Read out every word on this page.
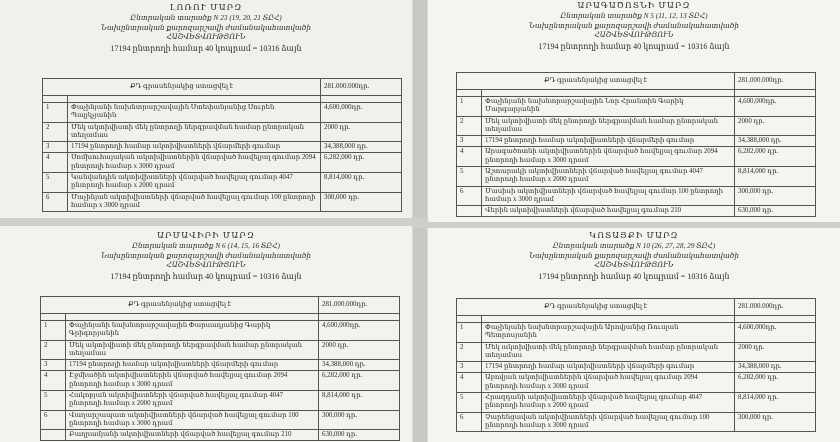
ԼՈՌՈՒ ՄԱՐԶ
Ընտրական տարածք N 23 (19, 20, 21 ՏԸՀ)
Նախընտրական քարոզարշավի ժամանակահատվածի
ՀԱՇՎԵՏՎՈՒԹՅՈՒՆ
17194 ընտրողի համար 40 կոպրամ = 10316 ձայն
ՔԴ գրասենյակից ստացվել է		281.000.000դր.

1	Փաչինյանի նախնտրարշավային Ստեփանյանից Սուրեն Պալյկչյանին	4,600,000դր.
2	Մեկ ակտիվիստի մեկ ընտրողի ներգրավման համար ընտրական տեղամաս	2000 դր.
3	17194 ընտրողի համար ակտիվիստների վճարմերի գումար	34,388,000 դր.
4	Սոմխուհայական ակտիվիստներին վճարված հավելյալ գումար 2094 ընտրողի համար x 3000 դրամ	6,282,000 դր.
5	Կանվանդին ակտիվիստների վճարված հավելյալ գումար 4047 ընտրողի համար x 2000 դրամ	8,814,000 դր.
6	Մաչինյան ակտիվիստների վճարված հավելյալ գումար 100 ընտրողի համար x 3000 դրամ	300,000 դր.
ԱՐԱԳԱԾՈՏՆԻ ՄԱՐԶ
Ընտրական տարածք N 5 (11, 12, 13 ՏԸՀ)
Նախընտրական քարոզարշավի ժամանակահատվածի
ՀԱՇՎԵՏՎՈՒԹՅՈՒՆ
17194 ընտրողի համար 40 կոպրամ = 10316 ձայն
ՔԴ գրասենյակից ստացվել է		281.000.000դր.

1	Փաչինյանի նախնտրարշավային Նոր Հրանտին Գարիկ Մարգարյանին	4,600,000դր.
2	Մեկ ակտիվիստի մեկ ընտրողի ներգրավման համար ընտրական տեղամաս	2000 դր.
3	17194 ընտրողի համար ակտիվիստների վճարմերի գումար	34,388,000 դր.
4	Արագածոտնի ակտիվիստներին վճարված հավելյալ գումար 2094 ընտրողի համար x 3000 դրամ	6,282,000 դր.
5	Աշտարակի ակտիվիստների վճարված հավելյալ գումար 4047 ընտրողի համար x 2000 դրամ	8,814,000 դր.
6	Մասիսի ակտիվիստների վճարված հավելյալ գումար 100 ընտրողի համար x 3000 դրամ	300,000 դր.
	Վերին ակտիվիստների վճարված հավելյալ գումար 210	630,000 դր.
ԱՐՄԱՎԻՐԻ ՄԱՐԶ
Ընտրական տարածք N 6 (14, 15, 16 ՏԸՀ)
Նախընտրական քարոզարշավի ժամանակահատվածի
ՀԱՇՎԵՏՎՈՒԹՅՈՒՆ
17194 ընտրողի համար 40 կոպրամ = 10316 ձայն
ՔԴ գրասենյակից ստացվել է		281.000.000դր.

1	Փաչինյանի նախնտրարշավային Փարսադյանից Գարիկ Գրիգորյանին	4,600,000դր.
2	Մեկ ակտիվիստի մեկ ընտրողի ներգրավման համար ընտրական տեղամաս	2000 դր.
3	17194 ընտրողի համար ակտիվիստների վճարմերի գումար	34,388,000 դր.
4	Էջմիածին ակտիվիստներին վճարված հավելյալ գումար 2094 ընտրողի համար x 3000 դրամ	6,282,000 դր.
5	Հակոբյան ակտիվիստների վճարված հավելյալ գումար 4047 ընտրողի համար x 2000 դրամ	8,814,000 դր.
6	Վաղարշապատ ակտիվիստների վճարված հավելյալ գումար 100 ընտրողի համար x 3000 դրամ	300,000 դր.
	Բաղրամյանի ակտիվիստների վճարված հավելյալ գումար 210	630,000 դր.
ԿՈՏԱՅՔԻ ՄԱՐԶ
Ընտրական տարածք N 10 (26, 27, 28, 29 ՏԸՀ)
Նախընտրական քարոզարշավի ժամանակահատվածի
ՀԱՇՎԵՏՎՈՒԹՅՈՒՆ
17194 ընտրողի համար 40 կոպրամ = 10316 ձայն
ՔԴ գրասենյակից ստացվել է		281.000.000դր.

1	Փաչինյանի նախնտրարշավային Արովյանից Ռուսլան Պետրոսյանին	4,600,000դր.
2	Մեկ ակտիվիստի մեկ ընտրողի ներգրավման համար ընտրական տեղամաս	2000 դր.
3	17194 ընտրողի համար ակտիվիստների վճարմերի գումար	34,388,000 դր.
4	Աբովյան ակտիվիստներին վճարված հավելյալ գումար 2094 ընտրողի համար x 3000 դրամ	6,282,000 դր.
5	Հրազդանի ակտիվիստների վճարված հավելյալ գումար 4047 ընտրողի համար x 2000 դրամ	8,814,000 դր.
6	Չարենցավան ակտիվիստների վճարված հավելյալ գումար 100 ընտրողի համար x 3000 դրամ	300,000 դր.
